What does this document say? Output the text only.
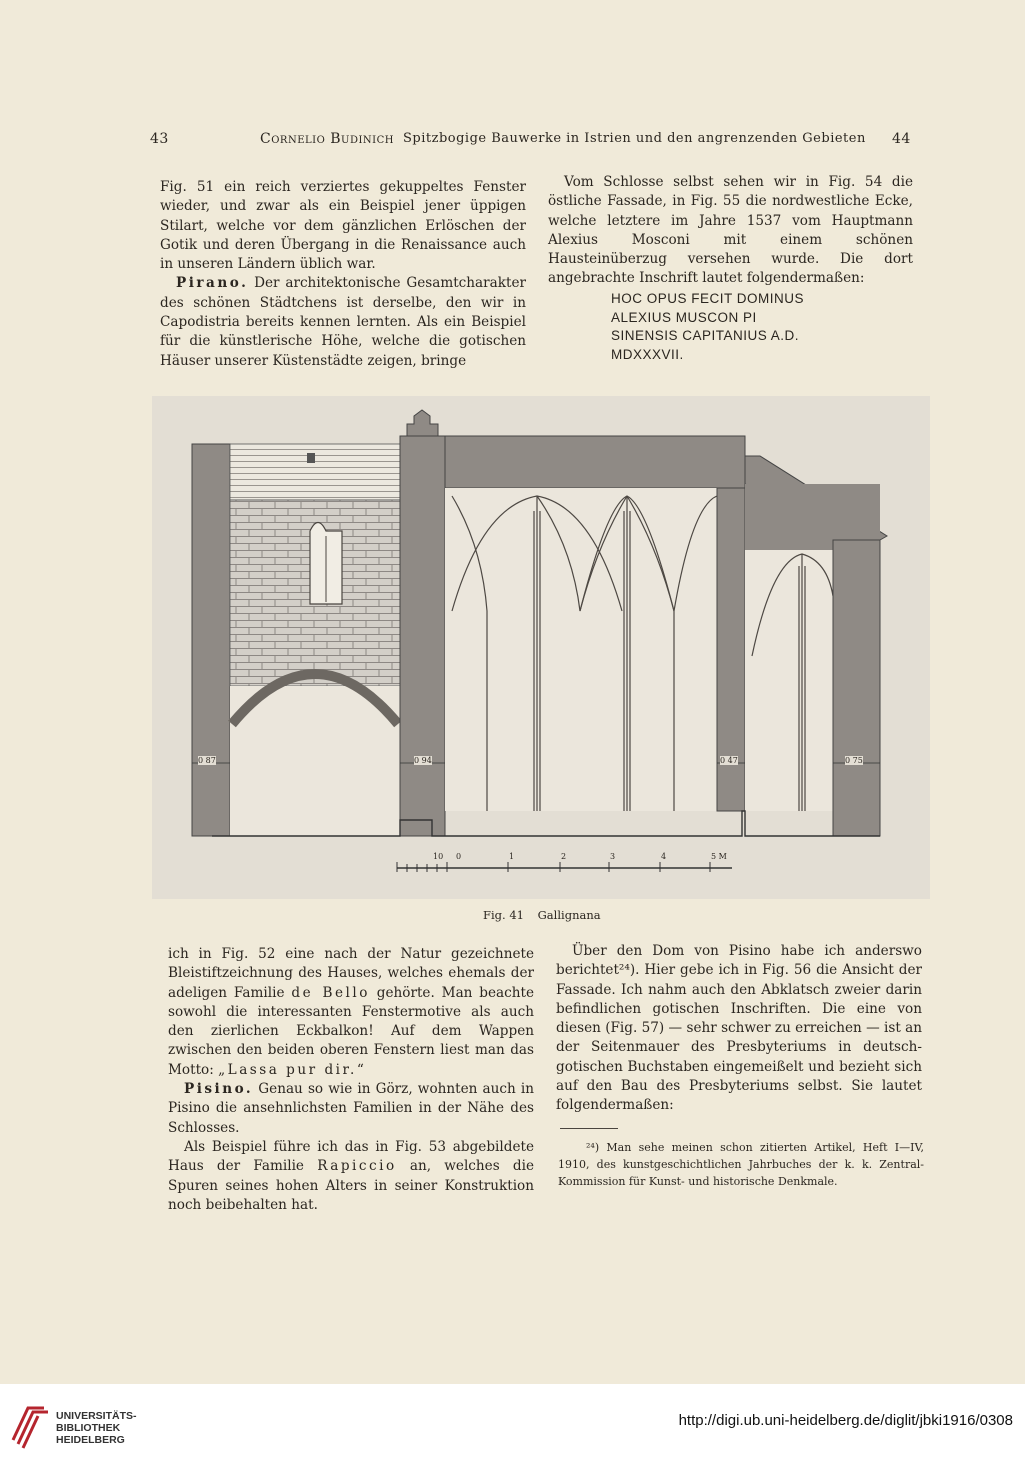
43	Cornelio Budinich Spitzbogige Bauwerke in Istrien und den angrenzenden Gebieten 44

Fig. 51 ein reich verziertes gekuppeltes Fenster wieder, und zwar als ein Beispiel jener üppigen Stilart, welche vor dem gänzlichen Erlöschen der Gotik und deren Übergang in die Renaissance auch in unseren Ländern üblich war.

Pirano. Der architektonische Gesamtcharakter des schönen Städtchens ist derselbe, den wir in Capodistria bereits kennen lernten. Als ein Beispiel für die künstlerische Höhe, welche die gotischen Häuser unserer Küstenstädte zeigen, bringe

Vom Schlosse selbst sehen wir in Fig. 54 die östliche Fassade, in Fig. 55 die nordwestliche Ecke, welche letztere im Jahre 1537 vom Hauptmann Alexius Mosconi mit einem schönen Hausteinüberzug versehen wurde. Die dort angebrachte Inschrift lautet folgendermaßen:

HOC OPUS FECIT DOMINUS
ALEXIUS MUSCON PI
SINENSIS CAPITANIUS A.D.
MDXXXVII.
0 87	0 94	0 47	0 75
10 0	1	2	3	4	5 M
Fig. 41 Gallignana

ich in Fig. 52 eine nach der Natur gezeichnete Bleistiftzeichnung des Hauses, welches ehemals der adeligen Familie de Bello gehörte. Man beachte sowohl die interessanten Fenstermotive als auch den zierlichen Eckbalkon! Auf dem Wappen zwischen den beiden oberen Fenstern liest man das Motto: „Lassa pur dir.“

Pisino. Genau so wie in Görz, wohnten auch in Pisino die ansehnlichsten Familien in der Nähe des Schlosses.

Als Beispiel führe ich das in Fig. 53 abgebildete Haus der Familie Rapiccio an, welches die Spuren seines hohen Alters in seiner Konstruktion noch beibehalten hat.

Über den Dom von Pisino habe ich anderswo berichtet²⁴). Hier gebe ich in Fig. 56 die Ansicht der Fassade. Ich nahm auch den Abklatsch zweier darin befindlichen gotischen Inschriften. Die eine von diesen (Fig. 57) — sehr schwer zu erreichen — ist an der Seitenmauer des Presbyteriums in deutsch-gotischen Buchstaben eingemeißelt und bezieht sich auf den Bau des Presbyteriums selbst. Sie lautet folgendermaßen:

²⁴) Man sehe meinen schon zitierten Artikel, Heft I—IV, 1910, des kunstgeschichtlichen Jahrbuches der k. k. Zentral-Kommission für Kunst- und historische Denkmale.

UNIVERSITÄTS-
BIBLIOTHEK
HEIDELBERG
http://digi.ub.uni-heidelberg.de/diglit/jbki1916/0308
